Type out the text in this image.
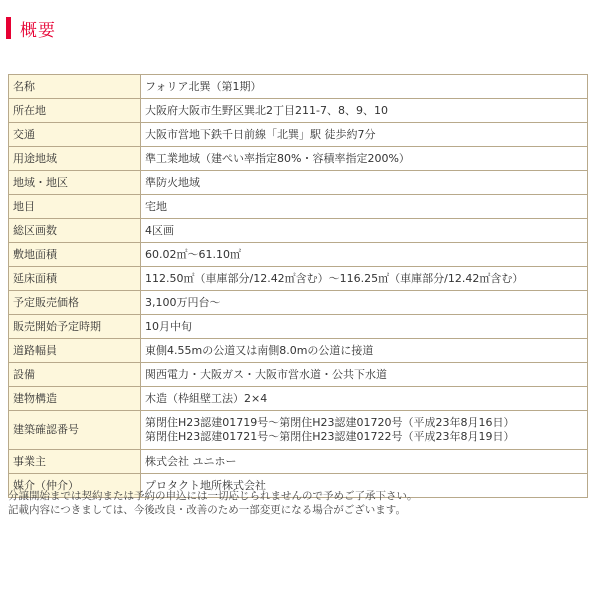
概要
名称	フォリア北巽（第1期）

所在地	大阪府大阪市生野区巽北2丁目211-7、8、9、10

交通	大阪市営地下鉄千日前線「北巽」駅 徒歩約7分

用途地域	準工業地域（建ぺい率指定80%・容積率指定200%）

地域・地区	準防火地域

地目	宅地

総区画数	4区画

敷地面積	60.02㎡～61.10㎡

延床面積	112.50㎡（車庫部分/12.42㎡含む）～116.25㎡（車庫部分/12.42㎡含む）

予定販売価格	3,100万円台～

販売開始予定時期	10月中旬

道路幅員	東側4.55mの公道又は南側8.0mの公道に接道

設備	関西電力・大阪ガス・大阪市営水道・公共下水道

建物構造	木造（枠組壁工法）2×4

建築確認番号	第閉住H23認建01719号～第閉住H23認建01720号（平成23年8月16日）
第閉住H23認建01721号～第閉住H23認建01722号（平成23年8月19日）

事業主	株式会社 ユニホー

媒介（仲介）	プロタクト地所株式会社
分譲開始までは契約または予約の申込には一切応じられませんので予めご了承下さい。
記載内容につきましては、今後改良・改善のため一部変更になる場合がございます。
